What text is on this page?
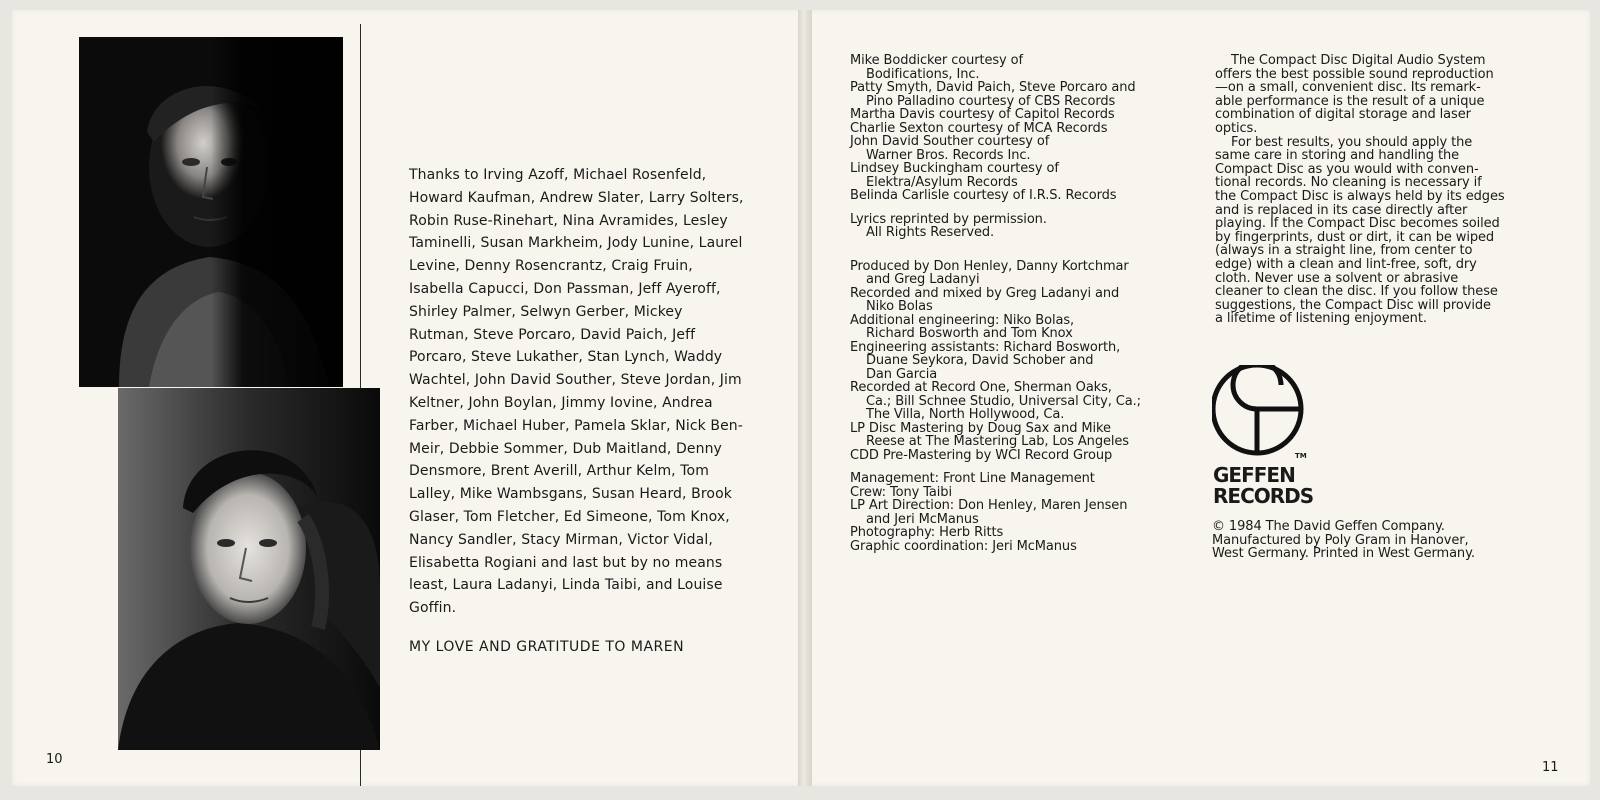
Thanks to Irving Azoff, Michael Rosenfeld, Howard Kaufman, Andrew Slater, Larry Solters, Robin Ruse-Rinehart, Nina Avramides, Lesley Taminelli, Susan Markheim, Jody Lunine, Laurel Levine, Denny Rosencrantz, Craig Fruin, Isabella Capucci, Don Passman, Jeff Ayeroff, Shirley Palmer, Selwyn Gerber, Mickey Rutman, Steve Porcaro, David Paich, Jeff Porcaro, Steve Lukather, Stan Lynch, Waddy Wachtel, John David Souther, Steve Jordan, Jim Keltner, John Boylan, Jimmy Iovine, Andrea Farber, Michael Huber, Pamela Sklar, Nick Ben-Meir, Debbie Sommer, Dub Maitland, Denny Densmore, Brent Averill, Arthur Kelm, Tom Lalley, Mike Wambsgans, Susan Heard, Brook Glaser, Tom Fletcher, Ed Simeone, Tom Knox, Nancy Sandler, Stacy Mirman, Victor Vidal, Elisabetta Rogiani and last but by no means least, Laura Ladanyi, Linda Taibi, and Louise Goffin.

MY LOVE AND GRATITUDE TO MAREN

10
Mike Boddicker courtesy of
Bodifications, Inc.
Patty Smyth, David Paich, Steve Porcaro and
Pino Palladino courtesy of CBS Records
Martha Davis courtesy of Capitol Records
Charlie Sexton courtesy of MCA Records
John David Souther courtesy of
Warner Bros. Records Inc.
Lindsey Buckingham courtesy of
Elektra/Asylum Records
Belinda Carlisle courtesy of I.R.S. Records
Lyrics reprinted by permission.
All Rights Reserved.
Produced by Don Henley, Danny Kortchmar
and Greg Ladanyi
Recorded and mixed by Greg Ladanyi and
Niko Bolas
Additional engineering: Niko Bolas,
Richard Bosworth and Tom Knox
Engineering assistants: Richard Bosworth,
Duane Seykora, David Schober and
Dan Garcia
Recorded at Record One, Sherman Oaks,
Ca.; Bill Schnee Studio, Universal City, Ca.;
The Villa, North Hollywood, Ca.
LP Disc Mastering by Doug Sax and Mike
Reese at The Mastering Lab, Los Angeles
CDD Pre-Mastering by WCI Record Group
Management: Front Line Management
Crew: Tony Taibi
LP Art Direction: Don Henley, Maren Jensen
and Jeri McManus
Photography: Herb Ritts
Graphic coordination: Jeri McManus
The Compact Disc Digital Audio System
offers the best possible sound reproduction
—on a small, convenient disc. Its remark-
able performance is the result of a unique
combination of digital storage and laser
optics.
For best results, you should apply the
same care in storing and handling the
Compact Disc as you would with conven-
tional records. No cleaning is necessary if
the Compact Disc is always held by its edges
and is replaced in its case directly after
playing. If the Compact Disc becomes soiled
by fingerprints, dust or dirt, it can be wiped
(always in a straight line, from center to
edge) with a clean and lint-free, soft, dry
cloth. Never use a solvent or abrasive
cleaner to clean the disc. If you follow these
suggestions, the Compact Disc will provide
a lifetime of listening enjoyment.
TM
GEFFEN
RECORDS
© 1984 The David Geffen Company.
Manufactured by Poly Gram in Hanover,
West Germany. Printed in West Germany.
11
